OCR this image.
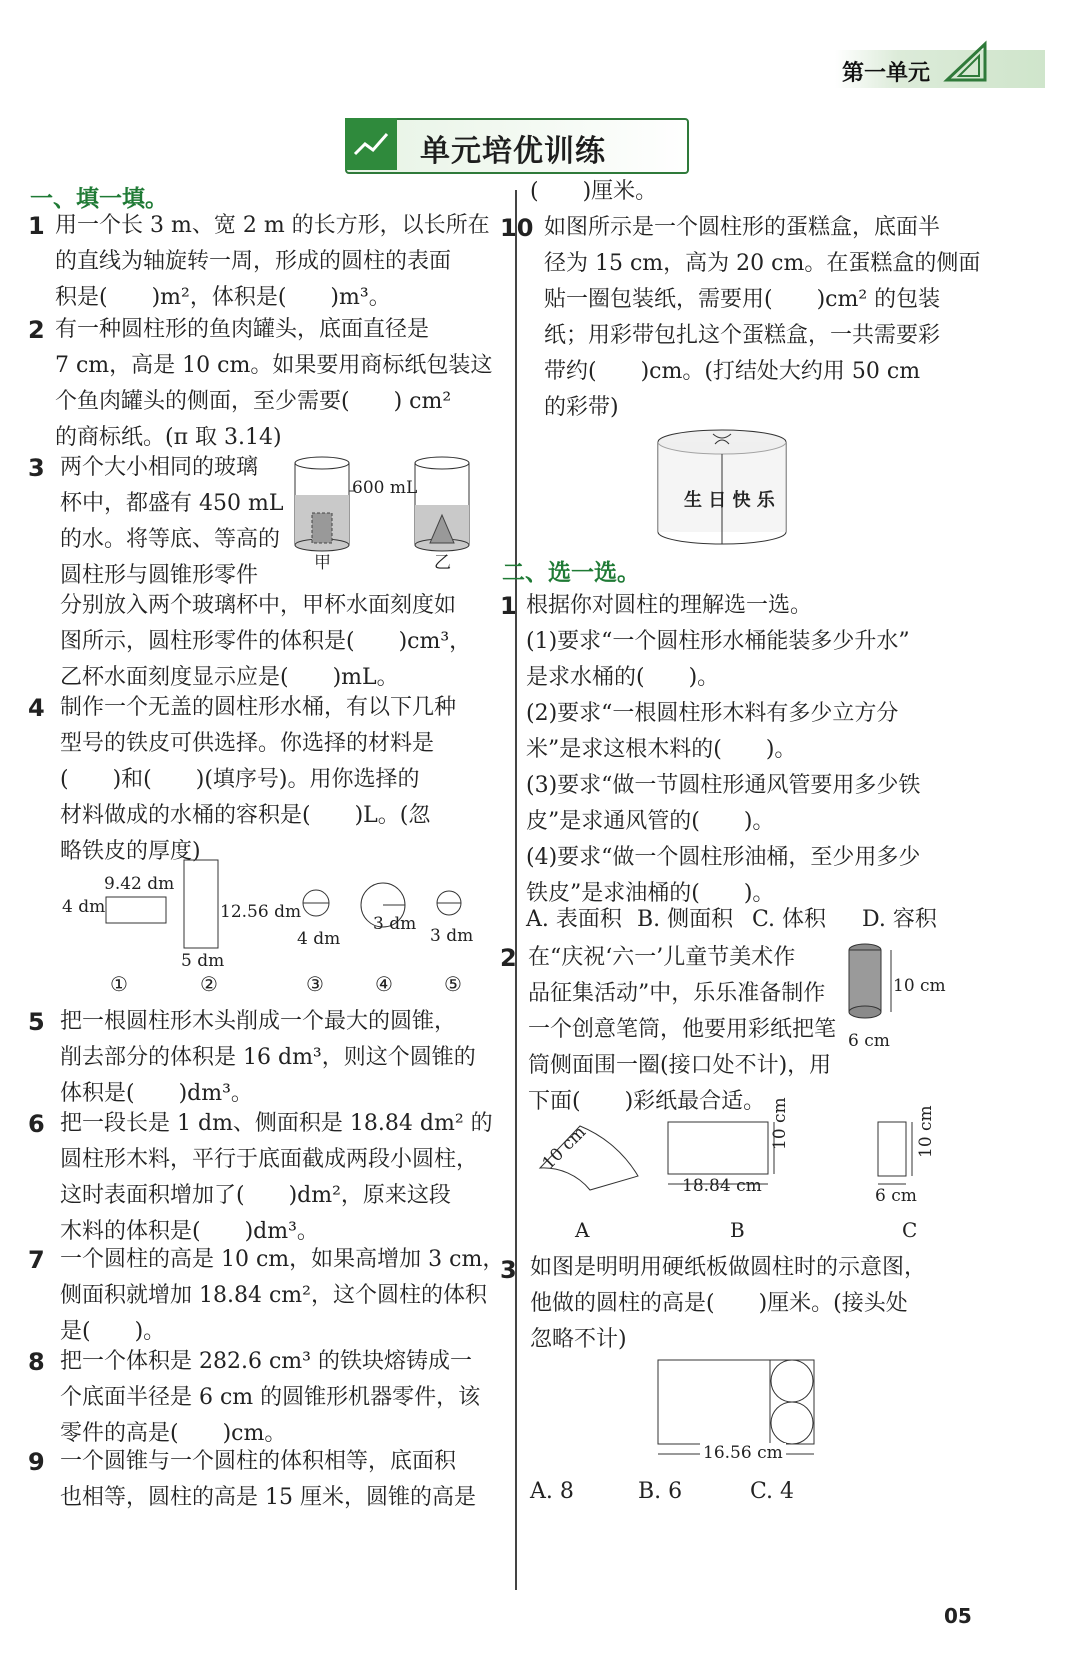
第一单元
单元培优训练
一、填一填。
1 用一个长 3 m、宽 2 m 的长方形，以长所在
的直线为轴旋转一周，形成的圆柱的表面
积是(　　)m²，体积是(　　)m³。
2 有一种圆柱形的鱼肉罐头，底面直径是
7 cm，高是 10 cm。如果要用商标纸包装这
个鱼肉罐头的侧面，至少需要(　　) cm²
的商标纸。(π 取 3.14)
3 两个大小相同的玻璃
杯中，都盛有 450 mL
的水。将等底、等高的
圆柱形与圆锥形零件
分别放入两个玻璃杯中，甲杯水面刻度如
图所示，圆柱形零件的体积是(　　)cm³，
乙杯水面刻度显示应是(　　)mL。
600 mL
甲	乙
4 制作一个无盖的圆柱形水桶，有以下几种
型号的铁皮可供选择。你选择的材料是
(　　)和(　　)(填序号)。用你选择的
材料做成的水桶的容积是(　　)L。(忽
略铁皮的厚度)
9.42 dm
4 dm	12.56 dm
5 dm
4 dm
3 dm
3 dm
①	②	③	④	⑤
5 把一根圆柱形木头削成一个最大的圆锥，
削去部分的体积是 16 dm³，则这个圆锥的
体积是(　　)dm³。
6 把一段长是 1 dm、侧面积是 18.84 dm² 的
圆柱形木料，平行于底面截成两段小圆柱，
这时表面积增加了(　　)dm²，原来这段
木料的体积是(　　)dm³。
7 一个圆柱的高是 10 cm，如果高增加 3 cm，
侧面积就增加 18.84 cm²，这个圆柱的体积
是(　　)。
8 把一个体积是 282.6 cm³ 的铁块熔铸成一
个底面半径是 6 cm 的圆锥形机器零件，该
零件的高是(　　)cm。
9 一个圆锥与一个圆柱的体积相等，底面积
也相等，圆柱的高是 15 厘米，圆锥的高是
(　　)厘米。
10 如图所示是一个圆柱形的蛋糕盒，底面半
径为 15 cm，高为 20 cm。在蛋糕盒的侧面
贴一圈包装纸，需要用(　　)cm² 的包装
纸；用彩带包扎这个蛋糕盒，一共需要彩
带约(　　)cm。(打结处大约用 50 cm
的彩带)
生 日 快 乐
二、选一选。
1 根据你对圆柱的理解选一选。
(1)要求“一个圆柱形水桶能装多少升水”
是求水桶的(　　)。
(2)要求“一根圆柱形木料有多少立方分
米”是求这根木料的(　　)。
(3)要求“做一节圆柱形通风管要用多少铁
皮”是求通风管的(　　)。
(4)要求“做一个圆柱形油桶，至少用多少
铁皮”是求油桶的(　　)。
A. 表面积 B. 侧面积 C. 体积 D. 容积
2 在“庆祝‘六一’儿童节美术作
品征集活动”中，乐乐准备制作
一个创意笔筒，他要用彩纸把笔
筒侧面围一圈(接口处不计)，用
下面(　　)彩纸最合适。
10 cm
6 cm
10 cm
18.84 cm
10 cm
6 cm
10 cm
A	B	C
3 如图是明明用硬纸板做圆柱时的示意图，
他做的圆柱的高是(　　)厘米。(接头处
忽略不计)
16.56 cm
A. 8	B. 6	C. 4
05
